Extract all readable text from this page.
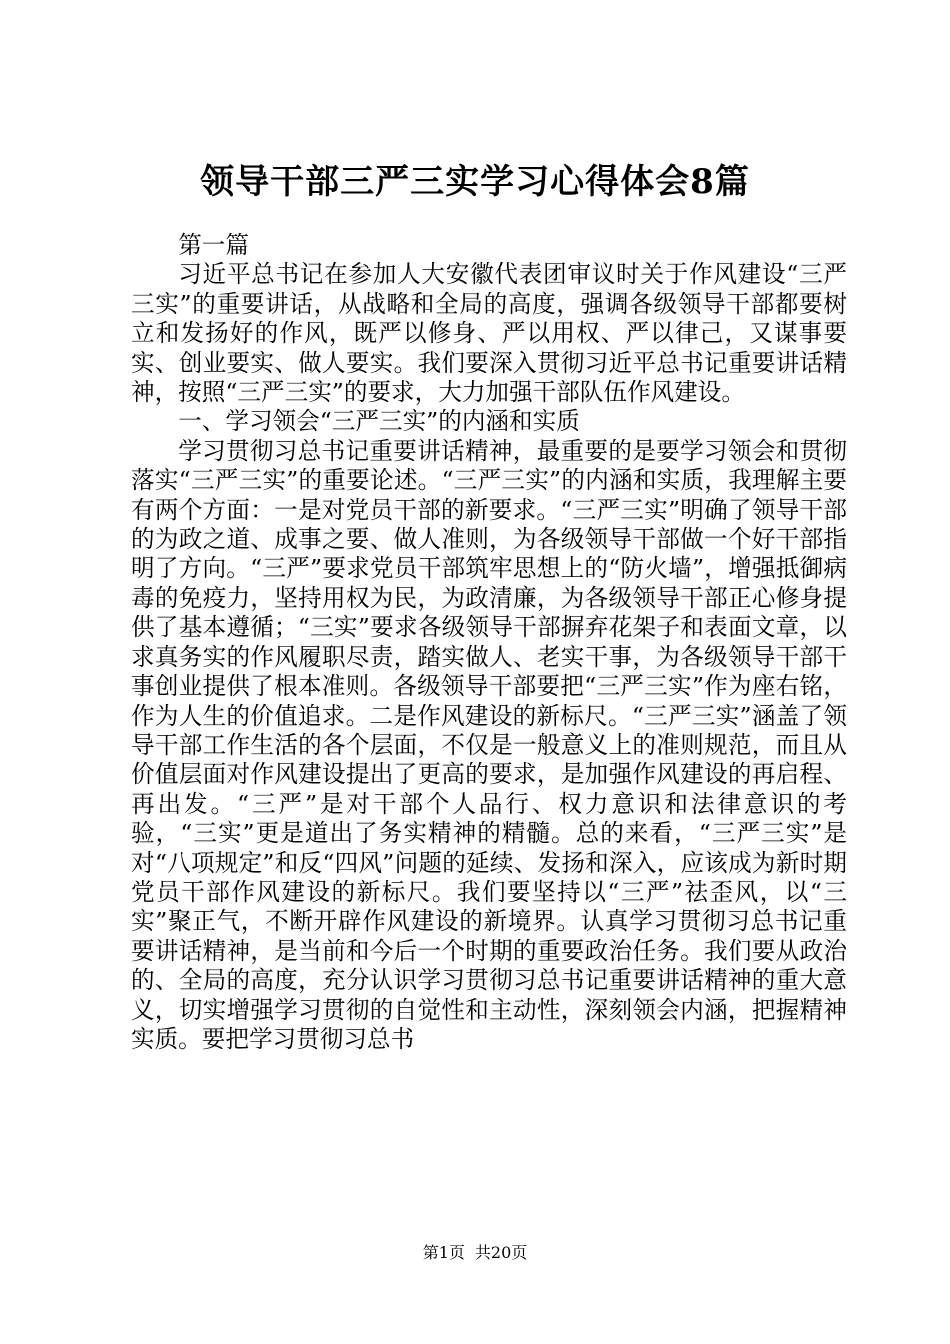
领导干部三严三实学习心得体会8篇

第一篇

习近平总书记在参加人大安徽代表团审议时关于作风建设“三严三实”的重要讲话，从战略和全局的高度，强调各级领导干部都要树立和发扬好的作风，既严以修身、严以用权、严以律己，又谋事要实、创业要实、做人要实。我们要深入贯彻习近平总书记重要讲话精神，按照“三严三实”的要求，大力加强干部队伍作风建设。

一、学习领会“三严三实”的内涵和实质

学习贯彻习总书记重要讲话精神，最重要的是要学习领会和贯彻落实“三严三实”的重要论述。“三严三实”的内涵和实质，我理解主要有两个方面：一是对党员干部的新要求。“三严三实”明确了领导干部的为政之道、成事之要、做人准则，为各级领导干部做一个好干部指明了方向。“三严”要求党员干部筑牢思想上的“防火墙”，增强抵御病毒的免疫力，坚持用权为民，为政清廉，为各级领导干部正心修身提供了基本遵循；“三实”要求各级领导干部摒弃花架子和表面文章，以求真务实的作风履职尽责，踏实做人、老实干事，为各级领导干部干事创业提供了根本准则。各级领导干部要把“三严三实”作为座右铭，作为人生的价值追求。二是作风建设的新标尺。“三严三实”涵盖了领导干部工作生活的各个层面，不仅是一般意义上的准则规范，而且从价值层面对作风建设提出了更高的要求，是加强作风建设的再启程、再出发。“三严”是对干部个人品行、权力意识和法律意识的考验，“三实”更是道出了务实精神的精髓。总的来看，“三严三实”是对“八项规定”和反“四风”问题的延续、发扬和深入，应该成为新时期党员干部作风建设的新标尺。我们要坚持以“三严”祛歪风，以“三实”聚正气，不断开辟作风建设的新境界。认真学习贯彻习总书记重要讲话精神，是当前和今后一个时期的重要政治任务。我们要从政治的、全局的高度，充分认识学习贯彻习总书记重要讲话精神的重大意义，切实增强学习贯彻的自觉性和主动性，深刻领会内涵，把握精神实质。要把学习贯彻习总书

第1页 共20页
